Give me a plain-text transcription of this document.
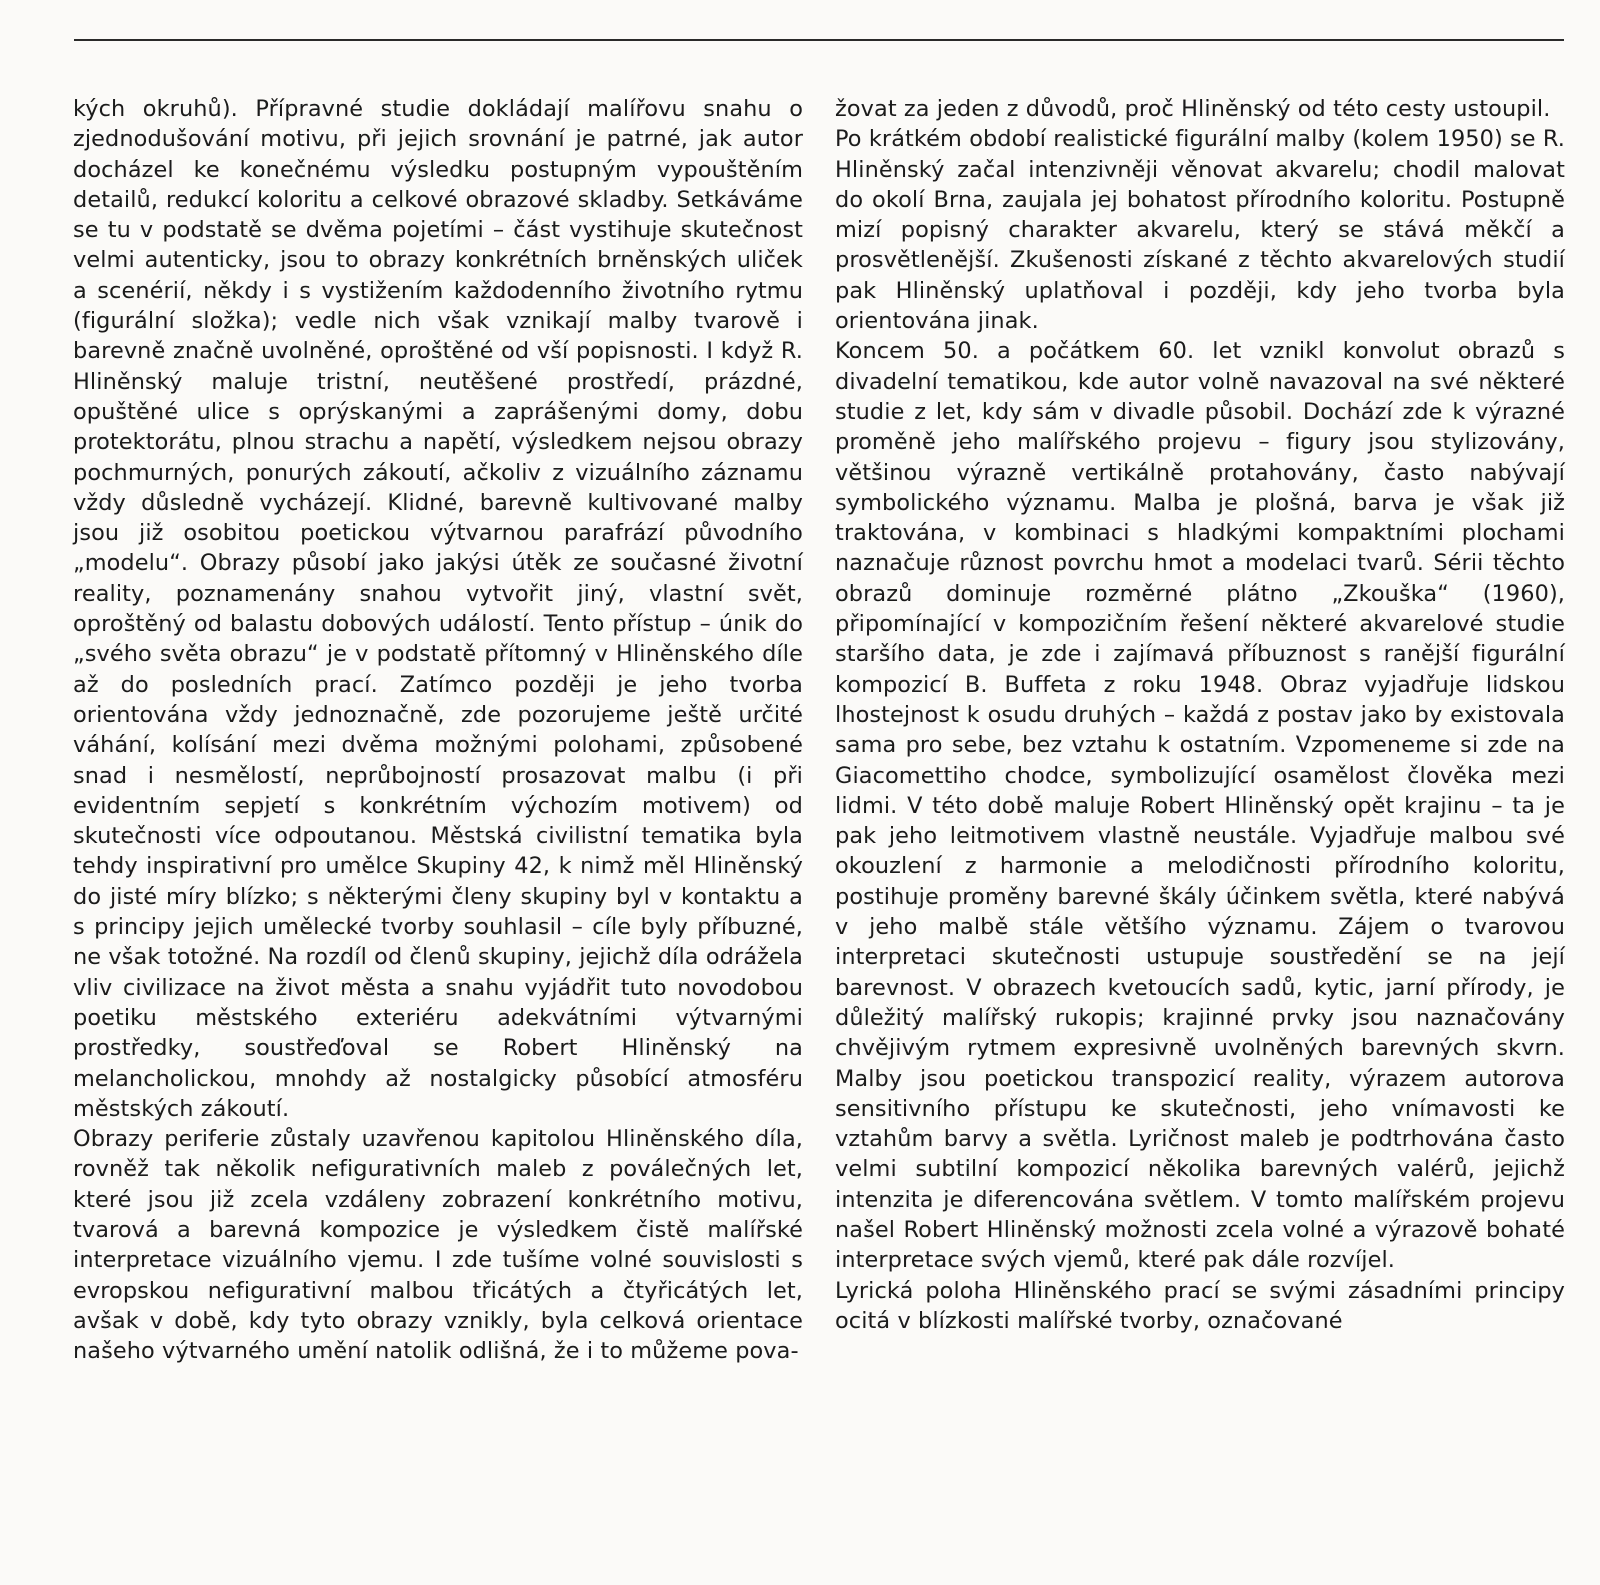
kých okruhů). Přípravné studie dokládají malířovu snahu o zjednodušování motivu, při jejich srovnání je patrné, jak autor docházel ke konečnému výsledku postupným vypouštěním detailů, redukcí koloritu a celkové obrazové skladby. Setkáváme se tu v podstatě se dvěma pojetími – část vystihuje skutečnost velmi autenticky, jsou to obrazy konkrétních brněnských uliček a scenérií, někdy i s vystižením každodenního životního rytmu (figurální složka); vedle nich však vznikají malby tvarově i barevně značně uvolněné, oproštěné od vší popisnosti. I když R. Hliněnský maluje tristní, neutěšené prostředí, prázdné, opuštěné ulice s oprýskanými a zaprášenými domy, dobu protektorátu, plnou strachu a napětí, výsledkem nejsou obrazy pochmurných, ponurých zákoutí, ačkoliv z vizuálního záznamu vždy důsledně vycházejí. Klidné, barevně kultivované malby jsou již osobitou poetickou výtvarnou parafrází původního „modelu“. Obrazy působí jako jakýsi útěk ze současné životní reality, poznamenány snahou vytvořit jiný, vlastní svět, oproštěný od balastu dobových událostí. Tento přístup – únik do „svého světa obrazu“ je v podstatě přítomný v Hliněnského díle až do posledních prací. Zatímco později je jeho tvorba orientována vždy jednoznačně, zde pozorujeme ještě určité váhání, kolísání mezi dvěma možnými polohami, způsobené snad i nesmělostí, neprůbojností prosazovat malbu (i při evidentním sepjetí s konkrétním výchozím motivem) od skutečnosti více odpoutanou. Městská civilistní tematika byla tehdy inspirativní pro umělce Skupiny 42, k nimž měl Hliněnský do jisté míry blízko; s některými členy skupiny byl v kontaktu a s principy jejich umělecké tvorby souhlasil – cíle byly příbuzné, ne však totožné. Na rozdíl od členů skupiny, jejichž díla odrážela vliv civilizace na život města a snahu vyjádřit tuto novodobou poetiku městského exteriéru adekvátními výtvarnými prostředky, soustřeďoval se Robert Hliněnský na melancholickou, mnohdy až nostalgicky působící atmosféru městských zákoutí.

Obrazy periferie zůstaly uzavřenou kapitolou Hliněnského díla, rovněž tak několik nefigurativních maleb z poválečných let, které jsou již zcela vzdáleny zobrazení konkrétního motivu, tvarová a barevná kompozice je výsledkem čistě malířské interpretace vizuálního vjemu. I zde tušíme volné souvislosti s evropskou nefigurativní malbou třicátých a čtyřicátých let, avšak v době, kdy tyto obrazy vznikly, byla celková orientace našeho výtvarného umění natolik odlišná, že i to můžeme pova-

žovat za jeden z důvodů, proč Hliněnský od této cesty ustoupil.

Po krátkém období realistické figurální malby (kolem 1950) se R. Hliněnský začal intenzivněji věnovat akvarelu; chodil malovat do okolí Brna, zaujala jej bohatost přírodního koloritu. Postupně mizí popisný charakter akvarelu, který se stává měkčí a prosvětlenější. Zkušenosti získané z těchto akvarelových studií pak Hliněnský uplatňoval i později, kdy jeho tvorba byla orientována jinak.

Koncem 50. a počátkem 60. let vznikl konvolut obrazů s divadelní tematikou, kde autor volně navazoval na své některé studie z let, kdy sám v divadle působil. Dochází zde k výrazné proměně jeho malířského projevu – figury jsou stylizovány, většinou výrazně vertikálně protahovány, často nabývají symbolického významu. Malba je plošná, barva je však již traktována, v kombinaci s hladkými kompaktními plochami naznačuje různost povrchu hmot a modelaci tvarů. Sérii těchto obrazů dominuje rozměrné plátno „Zkouška“ (1960), připomínající v kompozičním řešení některé akvarelové studie staršího data, je zde i zajímavá příbuznost s ranější figurální kompozicí B. Buffeta z roku 1948. Obraz vyjadřuje lidskou lhostejnost k osudu druhých – každá z postav jako by existovala sama pro sebe, bez vztahu k ostatním. Vzpomeneme si zde na Giacomettiho chodce, symbolizující osamělost člověka mezi lidmi. V této době maluje Robert Hliněnský opět krajinu – ta je pak jeho leitmotivem vlastně neustále. Vyjadřuje malbou své okouzlení z harmonie a melodičnosti přírodního koloritu, postihuje proměny barevné škály účinkem světla, které nabývá v jeho malbě stále většího významu. Zájem o tvarovou interpretaci skutečnosti ustupuje soustředění se na její barevnost. V obrazech kvetoucích sadů, kytic, jarní přírody, je důležitý malířský rukopis; krajinné prvky jsou naznačovány chvějivým rytmem expresivně uvolněných barevných skvrn. Malby jsou poetickou transpozicí reality, výrazem autorova sensitivního přístupu ke skutečnosti, jeho vnímavosti ke vztahům barvy a světla. Lyričnost maleb je podtrhována často velmi subtilní kompozicí několika barevných valérů, jejichž intenzita je diferencována světlem. V tomto malířském projevu našel Robert Hliněnský možnosti zcela volné a výrazově bohaté interpretace svých vjemů, které pak dále rozvíjel.

Lyrická poloha Hliněnského prací se svými zásadními principy ocitá v blízkosti malířské tvorby, označované
